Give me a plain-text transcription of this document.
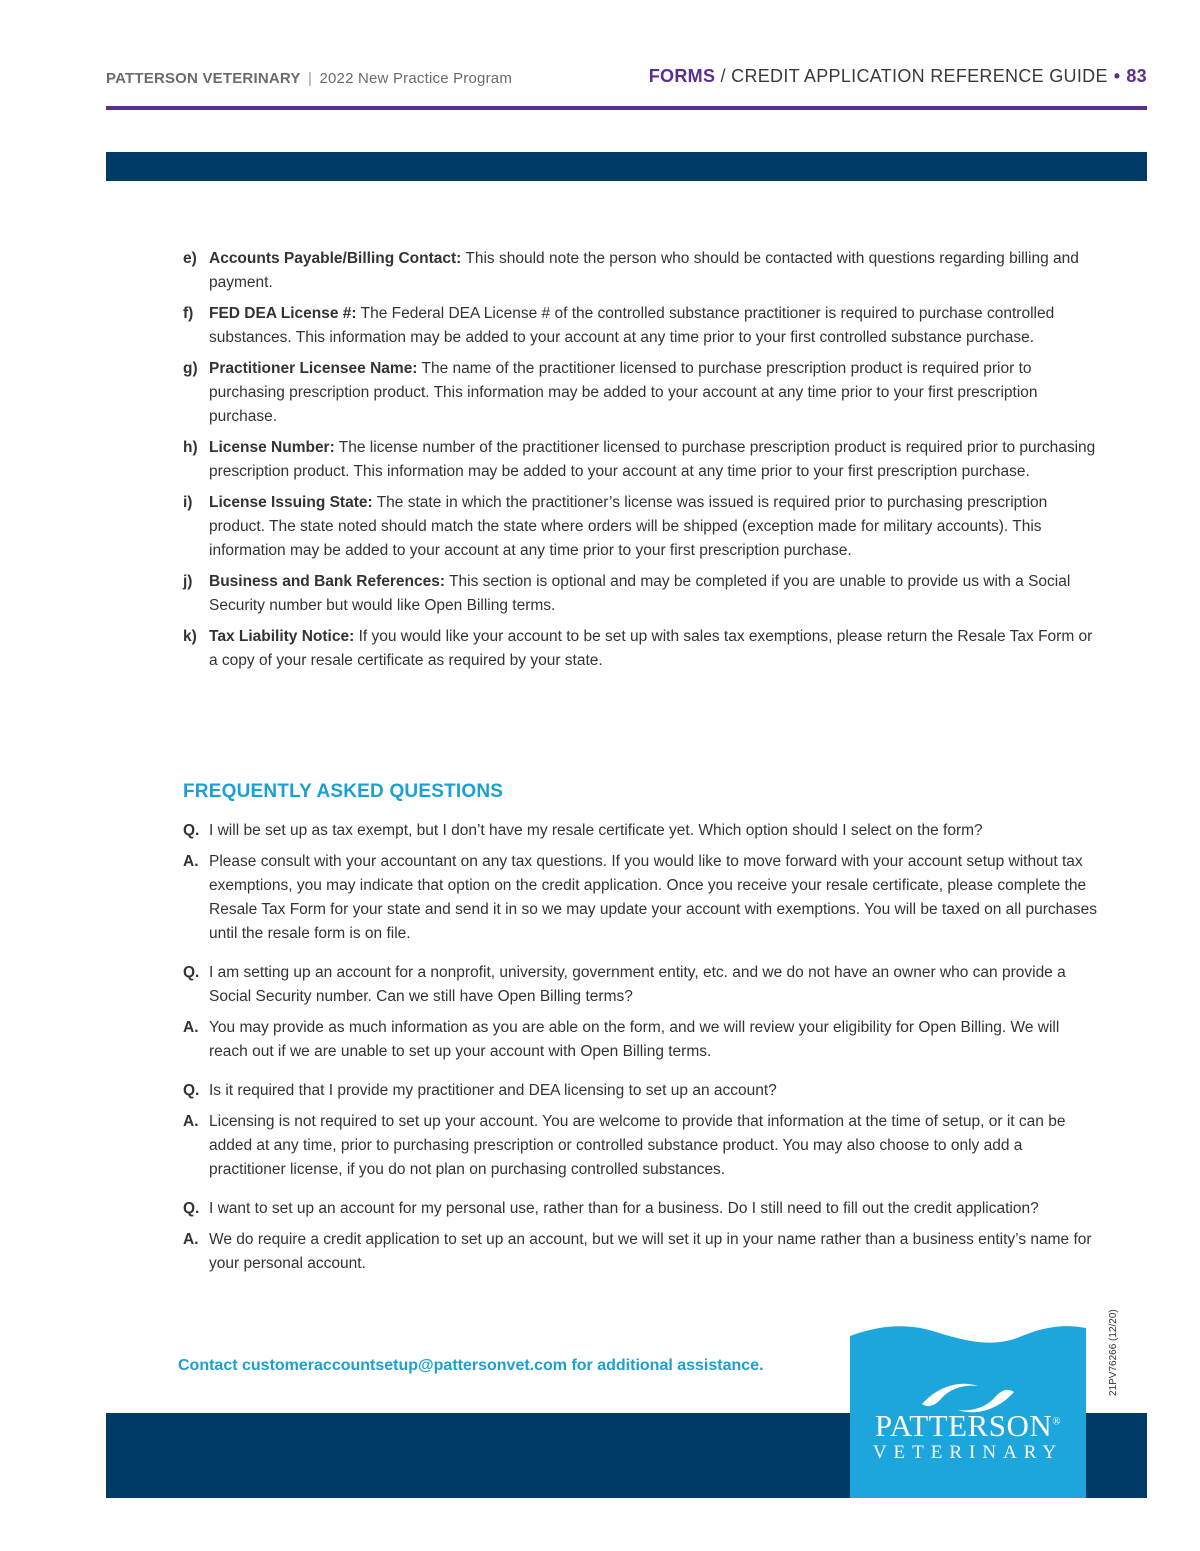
PATTERSON VETERINARY | 2022 New Practice Program	FORMS / CREDIT APPLICATION REFERENCE GUIDE • 83
e) Accounts Payable/Billing Contact: This should note the person who should be contacted with questions regarding billing and payment.
f) FED DEA License #: The Federal DEA License # of the controlled substance practitioner is required to purchase controlled substances. This information may be added to your account at any time prior to your first controlled substance purchase.
g) Practitioner Licensee Name: The name of the practitioner licensed to purchase prescription product is required prior to purchasing prescription product. This information may be added to your account at any time prior to your first prescription purchase.
h) License Number: The license number of the practitioner licensed to purchase prescription product is required prior to purchasing prescription product. This information may be added to your account at any time prior to your first prescription purchase.
i) License Issuing State: The state in which the practitioner’s license was issued is required prior to purchasing prescription product. The state noted should match the state where orders will be shipped (exception made for military accounts). This information may be added to your account at any time prior to your first prescription purchase.
j) Business and Bank References: This section is optional and may be completed if you are unable to provide us with a Social Security number but would like Open Billing terms.
k) Tax Liability Notice: If you would like your account to be set up with sales tax exemptions, please return the Resale Tax Form or a copy of your resale certificate as required by your state.
FREQUENTLY ASKED QUESTIONS
Q. I will be set up as tax exempt, but I don’t have my resale certificate yet. Which option should I select on the form?
A. Please consult with your accountant on any tax questions. If you would like to move forward with your account setup without tax exemptions, you may indicate that option on the credit application. Once you receive your resale certificate, please complete the Resale Tax Form for your state and send it in so we may update your account with exemptions. You will be taxed on all purchases until the resale form is on file.
Q. I am setting up an account for a nonprofit, university, government entity, etc. and we do not have an owner who can provide a Social Security number. Can we still have Open Billing terms?
A. You may provide as much information as you are able on the form, and we will review your eligibility for Open Billing. We will reach out if we are unable to set up your account with Open Billing terms.
Q. Is it required that I provide my practitioner and DEA licensing to set up an account?
A. Licensing is not required to set up your account. You are welcome to provide that information at the time of setup, or it can be added at any time, prior to purchasing prescription or controlled substance product. You may also choose to only add a practitioner license, if you do not plan on purchasing controlled substances.
Q. I want to set up an account for my personal use, rather than for a business. Do I still need to fill out the credit application?
A. We do require a credit application to set up an account, but we will set it up in your name rather than a business entity’s name for your personal account.
Contact customeraccountsetup@pattersonvet.com for additional assistance.
PATTERSON®
VETERINARY
21PV76266 (12/20)
